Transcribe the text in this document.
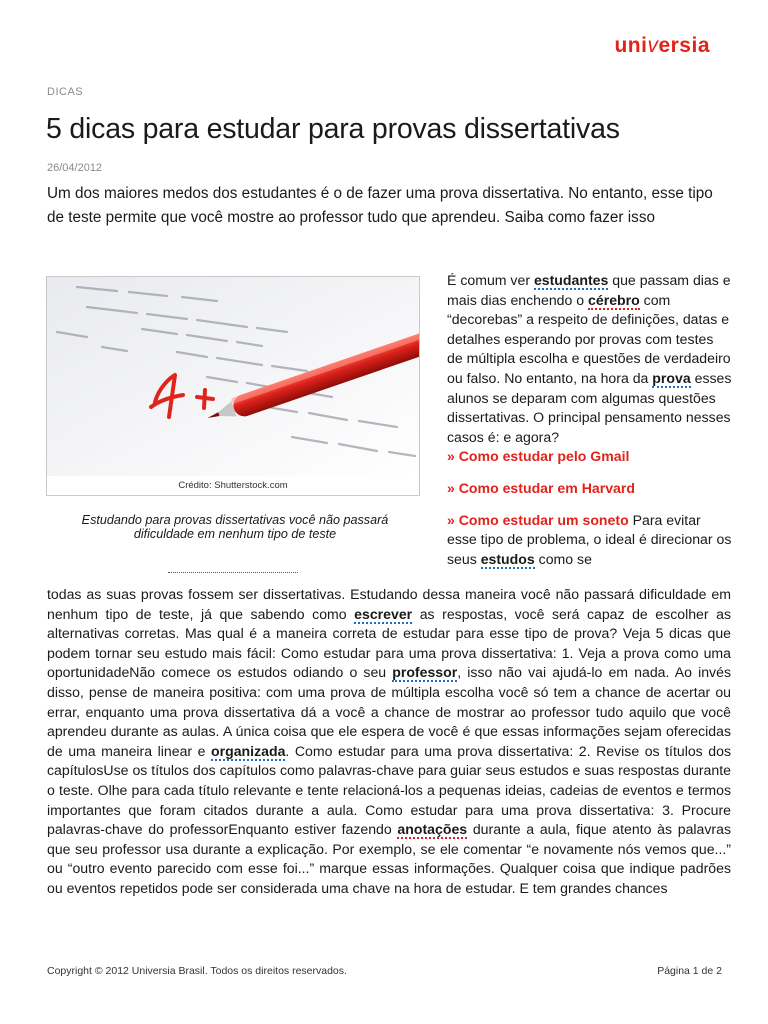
universia
DICAS
5 dicas para estudar para provas dissertativas
26/04/2012

Um dos maiores medos dos estudantes é o de fazer uma prova dissertativa. No entanto, esse tipo de teste permite que você mostre ao professor tudo que aprendeu. Saiba como fazer isso

Crédito: Shutterstock.com

Estudando para provas dissertativas você não passará dificuldade em nenhum tipo de teste

É comum ver estudantes que passam dias e mais dias enchendo o cérebro com “decorebas” a respeito de definições, datas e detalhes esperando por provas com testes de múltipla escolha e questões de verdadeiro ou falso. No entanto, na hora da prova esses alunos se deparam com algumas questões dissertativas. O principal pensamento nesses casos é: e agora?
» Como estudar pelo Gmail
» Como estudar em Harvard
» Como estudar um soneto Para evitar esse tipo de problema, o ideal é direcionar os seus estudos como se

todas as suas provas fossem ser dissertativas. Estudando dessa maneira você não passará dificuldade em nenhum tipo de teste, já que sabendo como escrever as respostas, você será capaz de escolher as alternativas corretas. Mas qual é a maneira correta de estudar para esse tipo de prova? Veja 5 dicas que podem tornar seu estudo mais fácil: Como estudar para uma prova dissertativa: 1. Veja a prova como uma oportunidadeNão comece os estudos odiando o seu professor, isso não vai ajudá-lo em nada. Ao invés disso, pense de maneira positiva: com uma prova de múltipla escolha você só tem a chance de acertar ou errar, enquanto uma prova dissertativa dá a você a chance de mostrar ao professor tudo aquilo que você aprendeu durante as aulas. A única coisa que ele espera de você é que essas informações sejam oferecidas de uma maneira linear e organizada. Como estudar para uma prova dissertativa: 2. Revise os títulos dos capítulosUse os títulos dos capítulos como palavras-chave para guiar seus estudos e suas respostas durante o teste. Olhe para cada título relevante e tente relacioná-los a pequenas ideias, cadeias de eventos e termos importantes que foram citados durante a aula. Como estudar para uma prova dissertativa: 3. Procure palavras-chave do professorEnquanto estiver fazendo anotações durante a aula, fique atento às palavras que seu professor usa durante a explicação. Por exemplo, se ele comentar “e novamente nós vemos que...” ou “outro evento parecido com esse foi...” marque essas informações. Qualquer coisa que indique padrões ou eventos repetidos pode ser considerada uma chave na hora de estudar. E tem grandes chances

Copyright © 2012 Universia Brasil. Todos os direitos reservados.	Página 1 de 2
